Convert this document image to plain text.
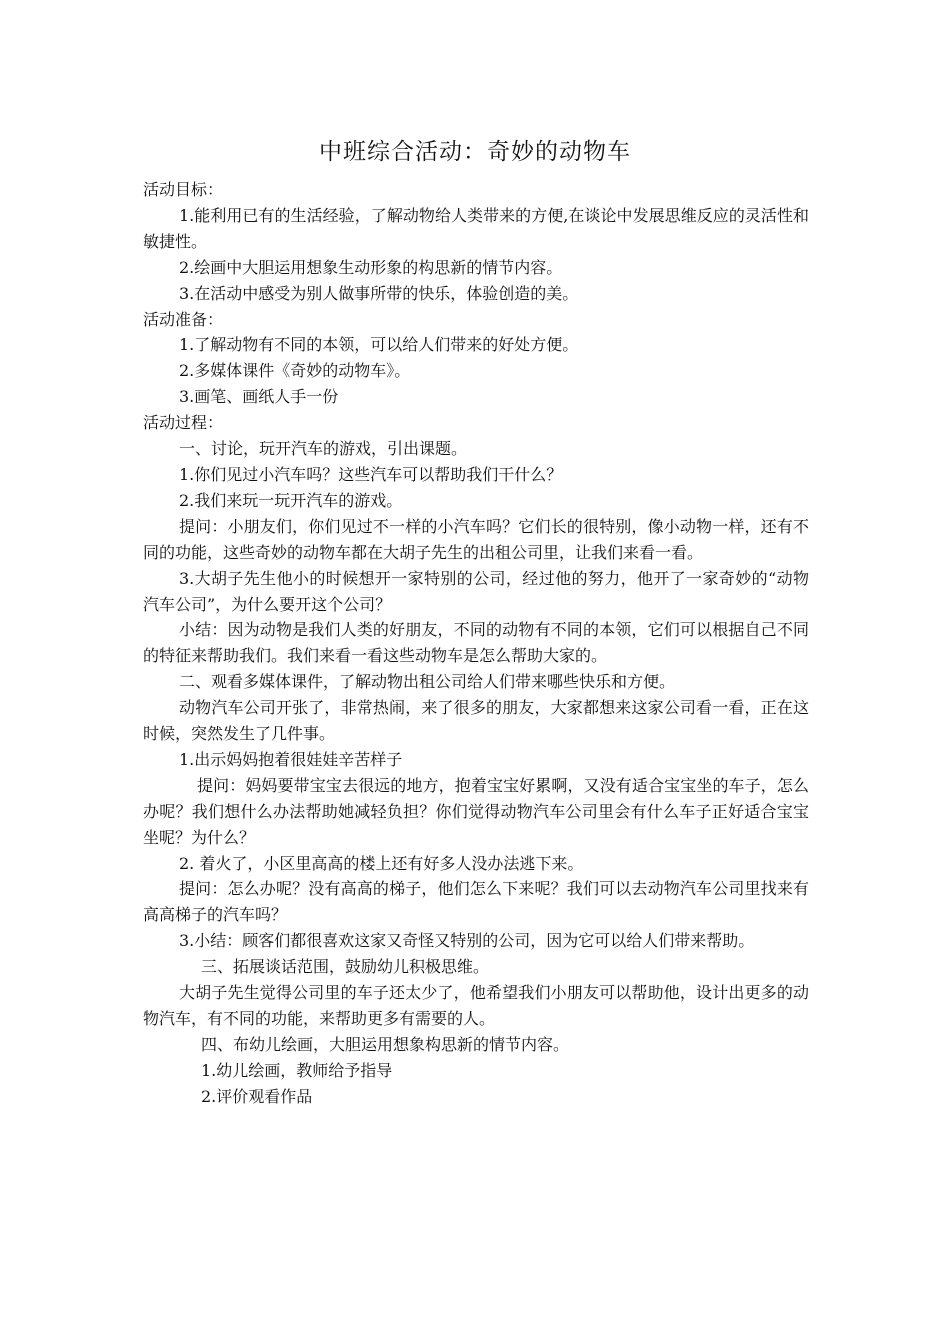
中班综合活动：奇妙的动物车

活动目标：

1.能利用已有的生活经验，了解动物给人类带来的方便,在谈论中发展思维反应的灵活性和敏捷性。

2.绘画中大胆运用想象生动形象的构思新的情节内容。

3.在活动中感受为别人做事所带的快乐，体验创造的美。

活动准备：

1.了解动物有不同的本领，可以给人们带来的好处方便。

2.多媒体课件《奇妙的动物车》。

3.画笔、画纸人手一份

活动过程：

一、讨论，玩开汽车的游戏，引出课题。

1.你们见过小汽车吗？这些汽车可以帮助我们干什么？

2.我们来玩一玩开汽车的游戏。

提问：小朋友们，你们见过不一样的小汽车吗？它们长的很特别，像小动物一样，还有不同的功能，这些奇妙的动物车都在大胡子先生的出租公司里，让我们来看一看。

3.大胡子先生他小的时候想开一家特别的公司，经过他的努力，他开了一家奇妙的“动物汽车公司”，为什么要开这个公司？

小结：因为动物是我们人类的好朋友，不同的动物有不同的本领，它们可以根据自己不同的特征来帮助我们。我们来看一看这些动物车是怎么帮助大家的。

二、观看多媒体课件，了解动物出租公司给人们带来哪些快乐和方便。

动物汽车公司开张了，非常热闹，来了很多的朋友，大家都想来这家公司看一看，正在这时候，突然发生了几件事。

1.出示妈妈抱着很娃娃辛苦样子

提问：妈妈要带宝宝去很远的地方，抱着宝宝好累啊，又没有适合宝宝坐的车子，怎么办呢？我们想什么办法帮助她减轻负担？你们觉得动物汽车公司里会有什么车子正好适合宝宝坐呢？为什么？

2. 着火了，小区里高高的楼上还有好多人没办法逃下来。

提问：怎么办呢？没有高高的梯子，他们怎么下来呢？我们可以去动物汽车公司里找来有高高梯子的汽车吗？

3.小结：顾客们都很喜欢这家又奇怪又特别的公司，因为它可以给人们带来帮助。

三、拓展谈话范围，鼓励幼儿积极思维。

大胡子先生觉得公司里的车子还太少了，他希望我们小朋友可以帮助他，设计出更多的动物汽车，有不同的功能，来帮助更多有需要的人。

四、布幼儿绘画，大胆运用想象构思新的情节内容。

1.幼儿绘画，教师给予指导

2.评价观看作品
